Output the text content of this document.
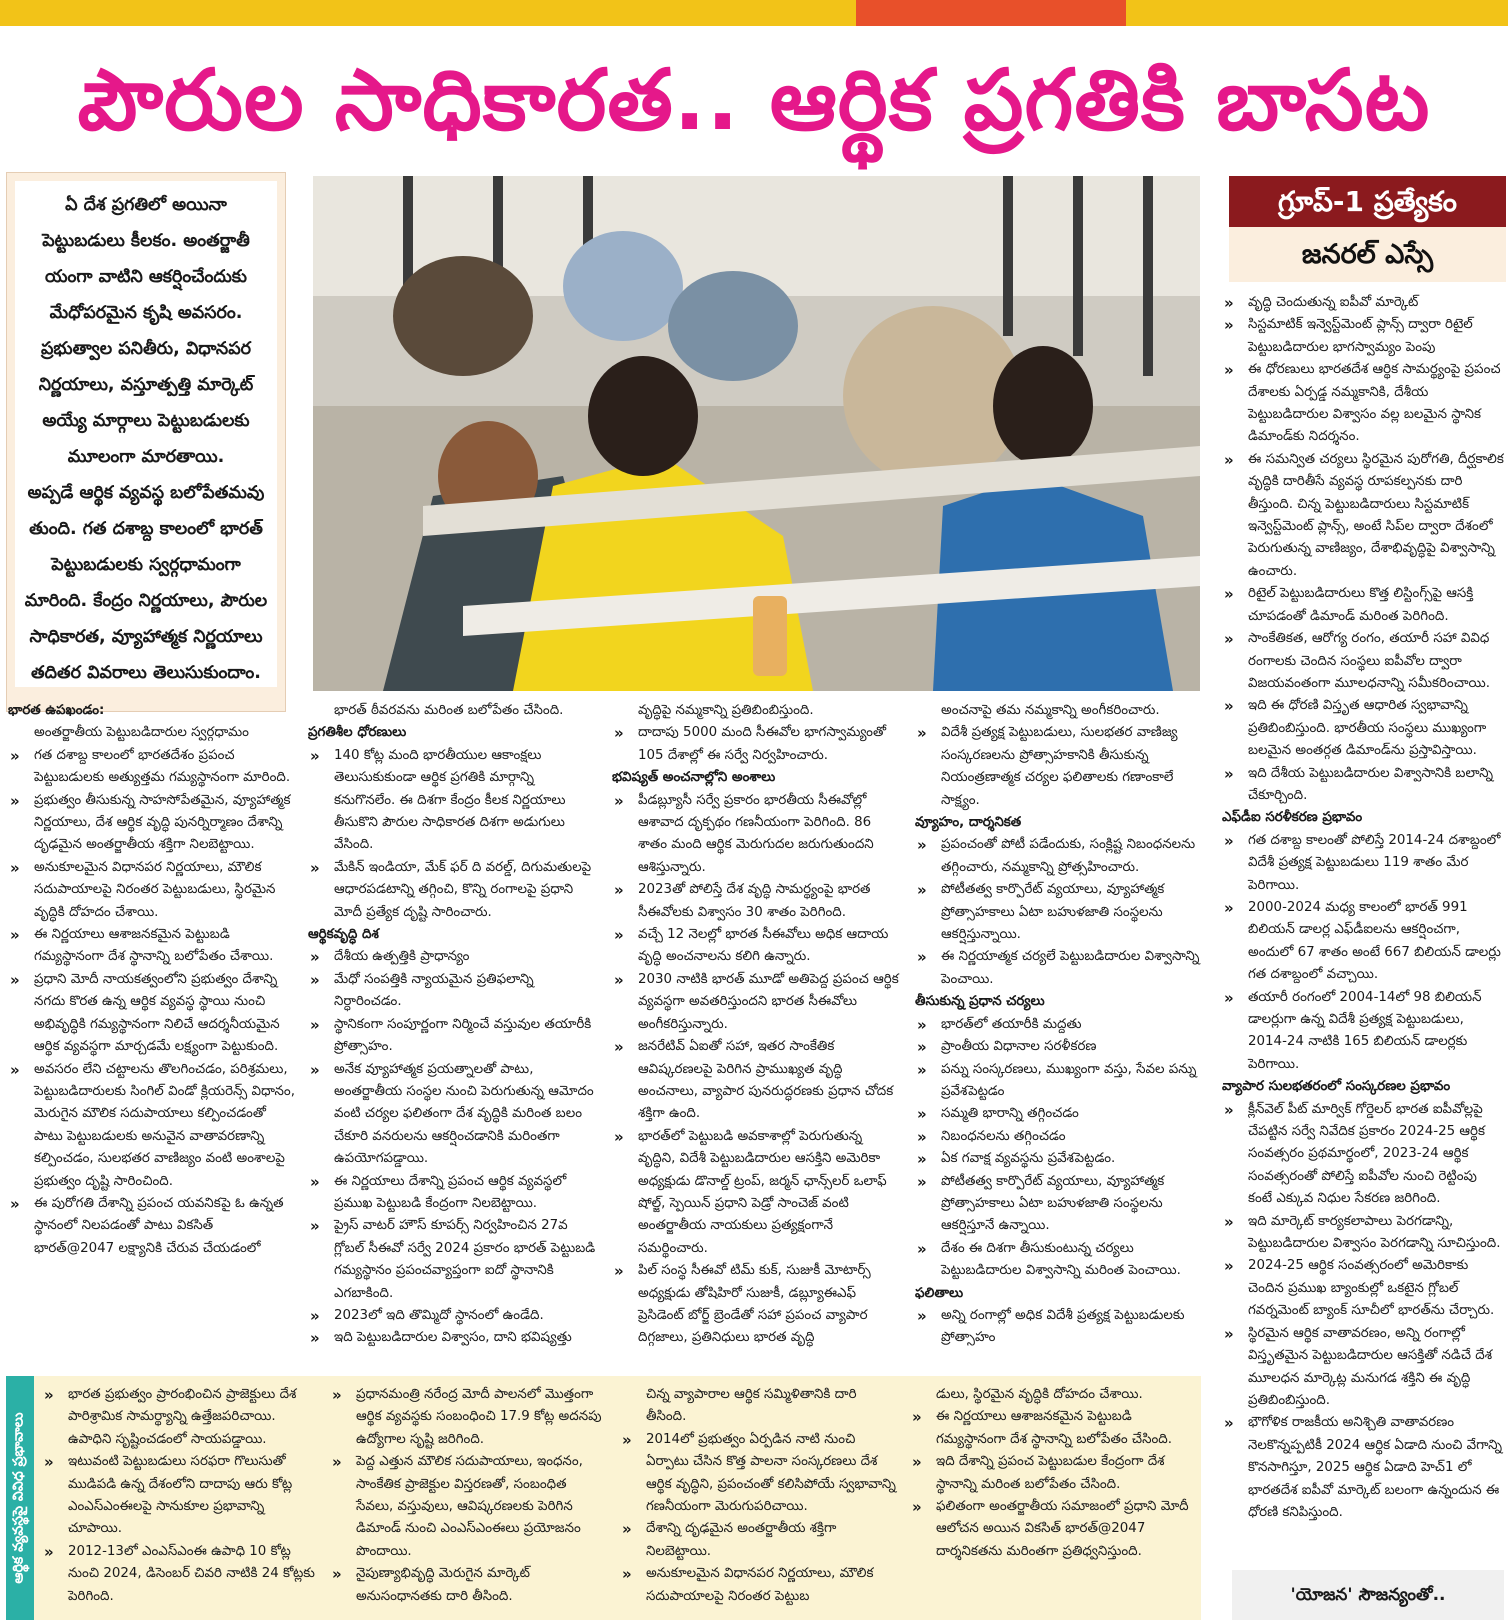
పౌరుల సాధికారత.. ఆర్థిక ప్రగతికి బాసట
ఏ దేశ ప్రగతిలో అయినా
పెట్టుబడులు కీలకం. అంతర్జాతీ
యంగా వాటిని ఆకర్షించేందుకు
మేధోపరమైన కృషి అవసరం.
ప్రభుత్వాల పనితీరు, విధానపర
నిర్ణయాలు, వస్తూత్పత్తి మార్కెట్
అయ్యే మార్గాలు పెట్టుబడులకు
మూలంగా మారతాయి.
అప్పడే ఆర్థిక వ్యవస్థ బలోపేతమవు
తుంది. గత దశాబ్ద కాలంలో భారత్
పెట్టుబడులకు స్వర్గధామంగా
మారింది. కేంద్రం నిర్ణయాలు, పౌరుల
సాధికారత, వ్యూహాత్మక నిర్ణయాలు
తదితర వివరాలు తెలుసుకుందాం.
భారత ఉపఖండం:
అంతర్జాతీయ పెట్టుబడిదారుల స్వర్గధామం
» గత దశాబ్ద కాలంలో భారతదేశం ప్రపంచ పెట్టుబడులకు అత్యుత్తమ గమ్యస్థానంగా మారింది.
» ప్రభుత్వం తీసుకున్న సాహసోపేతమైన, వ్యూహాత్మక నిర్ణయాలు, దేశ ఆర్థిక వృద్ధి పునర్నిర్మాణం దేశాన్ని దృఢమైన అంతర్జాతీయ శక్తిగా నిలబెట్టాయి.
» అనుకూలమైన విధానపర నిర్ణయాలు, మౌలిక సదుపాయాలపై నిరంతర పెట్టుబడులు, స్థిరమైన వృద్ధికి దోహదం చేశాయి.
» ఈ నిర్ణయాలు ఆశాజనకమైన పెట్టుబడి గమ్యస్థానంగా దేశ స్థానాన్ని బలోపేతం చేశాయి.
» ప్రధాని మోదీ నాయకత్వంలోని ప్రభుత్వం దేశాన్ని నగదు కొరత ఉన్న ఆర్థిక వ్యవస్థ స్థాయి నుంచి అభివృద్ధికి గమ్యస్థానంగా నిలిచే ఆదర్శనీయమైన ఆర్థిక వ్యవస్థగా మార్చడమే లక్ష్యంగా పెట్టుకుంది.
» అవసరం లేని చట్టాలను తొలగించడం, పరిశ్రమలు, పెట్టుబడిదారులకు సింగిల్ విండో క్లియరెన్స్ విధానం, మెరుగైన మౌలిక సదుపాయాలు కల్పించడంతో పాటు పెట్టుబడులకు అనువైన వాతావరణాన్ని కల్పించడం, సులభతర వాణిజ్యం వంటి అంశాలపై ప్రభుత్వం దృష్టి సారించింది.
» ఈ పురోగతి దేశాన్ని ప్రపంచ యవనికపై ఓ ఉన్నత స్థానంలో నిలపడంతో పాటు వికసిత్ భారత్@2047 లక్ష్యానికి చేరువ చేయడంలో
భారత్ ఠీవరవను మరింత బలోపేతం చేసింది.
ప్రగతిశీల ధోరణులు
» 140 కోట్ల మంది భారతీయుల ఆకాంక్షలు తెలుసుకుకుండా ఆర్థిక ప్రగతికి మార్గాన్ని కనుగొనలేం. ఈ దిశగా కేంద్రం కీలక నిర్ణయాలు తీసుకొని పౌరుల సాధికారత దిశగా అడుగులు వేసింది.
» మేకిన్ ఇండియా, మేక్ ఫర్ ది వరల్డ్, దిగుమతులపై ఆధారపడటాన్ని తగ్గించి, కొన్ని రంగాలపై ప్రధాని మోదీ ప్రత్యేక దృష్టి సారించారు.
ఆర్థికవృద్ధి దిశ
» దేశీయ ఉత్పత్తికి ప్రాధాన్యం
» మేధో సంపత్తికి న్యాయమైన ప్రతిఫలాన్ని నిర్ధారించడం.
» స్థానికంగా సంపూర్ణంగా నిర్మించే వస్తువుల తయారీకి ప్రోత్సాహం.
» అనేక వ్యూహాత్మక ప్రయత్నాలతో పాటు, అంతర్జాతీయ సంస్థల నుంచి పెరుగుతున్న ఆమోదం వంటి చర్యల ఫలితంగా దేశ వృద్ధికి మరింత బలం చేకూరి వనరులను ఆకర్షించడానికి మరింతగా ఉపయోగపడ్డాయి.
» ఈ నిర్ణయాలు దేశాన్ని ప్రపంచ ఆర్థిక వ్యవస్థలో ప్రముఖ పెట్టుబడి కేంద్రంగా నిలబెట్టాయి.
» ప్రైస్ వాటర్ హౌస్ కూపర్స్ నిర్వహించిన 27వ గ్లోబల్ సీఈవో సర్వే 2024 ప్రకారం భారత్ పెట్టుబడి గమ్యస్థానం ప్రపంచవ్యాప్తంగా ఐదో స్థానానికి ఎగబాకింది.
» 2023లో ఇది తొమ్మిదో స్థానంలో ఉండేది.
» ఇది పెట్టుబడిదారుల విశ్వాసం, దాని భవిష్యత్తు
వృద్ధిపై నమ్మకాన్ని ప్రతిబింబిస్తుంది.
» దాదాపు 5000 మంది సీఈవోల భాగస్వామ్యంతో 105 దేశాల్లో ఈ సర్వే నిర్వహించారు.
భవిష్యత్ అంచనాల్లోని అంశాలు
» పీడబ్ల్యూసీ సర్వే ప్రకారం భారతీయ సీఈవోల్లో ఆశావాద దృక్పథం గణనీయంగా పెరిగింది. 86 శాతం మంది ఆర్థిక మెరుగుదల జరుగుతుందని ఆశిస్తున్నారు.
» 2023తో పోలిస్తే దేశ వృద్ధి సామర్థ్యంపై భారత సీఈవోలకు విశ్వాసం 30 శాతం పెరిగింది.
» వచ్చే 12 నెలల్లో భారత సీఈవోలు అధిక ఆదాయ వృద్ధి అంచనాలను కలిగి ఉన్నారు.
» 2030 నాటికి భారత్ మూడో అతిపెద్ద ప్రపంచ ఆర్థిక వ్యవస్థగా అవతరిస్తుందని భారత సీఈవోలు అంగీకరిస్తున్నారు.
» జనరేటివ్ ఏఐతో సహా, ఇతర సాంకేతిక ఆవిష్కరణలపై పెరిగిన ప్రాముఖ్యత వృద్ధి అంచనాలు, వ్యాపార పునరుద్ధరణకు ప్రధాన చోదక శక్తిగా ఉంది.
» భారత్‌లో పెట్టుబడి అవకాశాల్లో పెరుగుతున్న వృద్ధిని, విదేశీ పెట్టుబడిదారుల ఆసక్తిని అమెరికా అధ్యక్షుడు డొనాల్డ్ ట్రంప్, జర్మన్ ఛాన్స్‌లర్ ఒలాఫ్ షోల్జ్, స్పెయిన్ ప్రధాని పెడ్రో సాంచెజ్ వంటి అంతర్జాతీయ నాయకులు ప్రత్యక్షంగానే సమర్థించారు.
» పిల్ సంస్థ సీఈవో టిమ్ కుక్, సుజుకీ మోటార్స్ అధ్యక్షుడు తోషిహిరో సుజుకీ, డబ్ల్యూఈఎఫ్ ప్రెసిడెంట్ బోర్జ్ బ్రెండేతో సహా ప్రపంచ వ్యాపార దిగ్గజాలు, ప్రతినిధులు భారత వృద్ధి
అంచనాపై తమ నమ్మకాన్ని అంగీకరించారు.
» విదేశీ ప్రత్యక్ష పెట్టుబడులు, సులభతర వాణిజ్య సంస్కరణలను ప్రోత్సాహకానికి తీసుకున్న నియంత్రణాత్మక చర్యల ఫలితాలకు గణాంకాలే సాక్ష్యం.
వ్యూహం, దార్శనికత
» ప్రపంచంతో పోటీ పడేందుకు, సంక్లిష్ట నిబంధనలను తగ్గించారు, నమ్మకాన్ని ప్రోత్సహించారు.
» పోటీతత్వ కార్పొరేట్ వ్యయాలు, వ్యూహాత్మక ప్రోత్సాహకాలు ఏటా బహుళజాతి సంస్థలను ఆకర్షిస్తున్నాయి.
» ఈ నిర్ణయాత్మక చర్యలే పెట్టుబడిదారుల విశ్వాసాన్ని పెంచాయి.
తీసుకున్న ప్రధాన చర్యలు
» భారత్‌లో తయారీకి మద్దతు
» ప్రాంతీయ విధానాల సరళీకరణ
» పన్ను సంస్కరణలు, ముఖ్యంగా వస్తు, సేవల పన్ను ప్రవేశపెట్టడం
» సమ్మతి భారాన్ని తగ్గించడం
» నిబంధనలను తగ్గించడం
» ఏక గవాక్ష వ్యవస్థను ప్రవేశపెట్టడం.
» పోటీతత్వ కార్పొరేట్ వ్యయాలు, వ్యూహాత్మక ప్రోత్సాహకాలు ఏటా బహుళజాతి సంస్థలను ఆకర్షిస్తూనే ఉన్నాయి.
» దేశం ఈ దిశగా తీసుకుంటున్న చర్యలు పెట్టుబడిదారుల విశ్వాసాన్ని మరింత పెంచాయి.
ఫలితాలు
» అన్ని రంగాల్లో అధిక విదేశీ ప్రత్యక్ష పెట్టుబడులకు ప్రోత్సాహం
గ్రూప్-1 ప్రత్యేకం
జనరల్ ఎస్సే
» వృద్ధి చెందుతున్న ఐపీవో మార్కెట్
» సిస్టమాటిక్ ఇన్వెస్ట్‌మెంట్ ప్లాన్స్ ద్వారా రిటైల్ పెట్టుబడిదారుల భాగస్వామ్యం పెంపు
» ఈ ధోరణులు భారతదేశ ఆర్థిక సామర్థ్యంపై ప్రపంచ దేశాలకు ఏర్పడ్డ నమ్మకానికి, దేశీయ పెట్టుబడిదారుల విశ్వాసం వల్ల బలమైన స్థానిక డిమాండ్‌కు నిదర్శనం.
» ఈ సమన్విత చర్యలు స్థిరమైన పురోగతి, దీర్ఘకాలిక వృద్ధికి దారితీసే వ్యవస్థ రూపకల్పనకు దారి తీస్తుంది. చిన్న పెట్టుబడిదారులు సిస్టమాటిక్ ఇన్వెస్ట్‌మెంట్ ప్లాన్స్, అంటే సిప్‌ల ద్వారా దేశంలో పెరుగుతున్న వాణిజ్యం, దేశాభివృద్ధిపై విశ్వాసాన్ని ఉంచారు.
» రిటైల్ పెట్టుబడిదారులు కొత్త లిస్టింగ్స్‌పై ఆసక్తి చూపడంతో డిమాండ్ మరింత పెరిగింది.
» సాంకేతికత, ఆరోగ్య రంగం, తయారీ సహా వివిధ రంగాలకు చెందిన సంస్థలు ఐపీవోల ద్వారా విజయవంతంగా మూలధనాన్ని సమీకరించాయి.
» ఇది ఈ ధోరణి విస్తృత ఆధారిత స్వభావాన్ని ప్రతిబింబిస్తుంది. భారతీయ సంస్థలు ముఖ్యంగా బలమైన అంతర్గత డిమాండ్‌ను ప్రస్తావిస్తాయి.
» ఇది దేశీయ పెట్టుబడిదారుల విశ్వాసానికి బలాన్ని చేకూర్చింది.
ఎఫ్‌డీఐ సరళీకరణ ప్రభావం
» గత దశాబ్ద కాలంతో పోలిస్తే 2014-24 దశాబ్దంలో విదేశీ ప్రత్యక్ష పెట్టుబడులు 119 శాతం మేర పెరిగాయి.
» 2000-2024 మధ్య కాలంలో భారత్ 991 బిలియన్ డాలర్ల ఎఫ్‌డీఐలను ఆకర్షించగా, అందులో 67 శాతం అంటే 667 బిలియన్ డాలర్లు గత దశాబ్దంలో వచ్చాయి.
» తయారీ రంగంలో 2004-14లో 98 బిలియన్ డాలర్లుగా ఉన్న విదేశీ ప్రత్యక్ష పెట్టుబడులు, 2014-24 నాటికి 165 బిలియన్ డాలర్లకు పెరిగాయి.
వ్యాపార సులభతరంలో సంస్కరణల ప్రభావం
» క్లీన్‌వెల్ పీట్ మార్విక్ గోర్డెలర్ భారత ఐపీవోల్లపై చేపట్టిన సర్వే నివేదిక ప్రకారం 2024-25 ఆర్థిక సంవత్సరం ప్రథమార్థంలో, 2023-24 ఆర్థిక సంవత్సరంతో పోలిస్తే ఐపీవోల నుంచి రెట్టింపు కంటే ఎక్కువ నిధుల సేకరణ జరిగింది.
» ఇది మార్కెట్ కార్యకలాపాలు పెరగడాన్ని, పెట్టుబడిదారుల విశ్వాసం పెరగడాన్ని సూచిస్తుంది.
» 2024-25 ఆర్థిక సంవత్సరంలో అమెరికాకు చెందిన ప్రముఖ బ్యాంకుల్లో ఒకటైన గ్లోబల్ గవర్నమెంట్ బ్యాంక్ సూచీలో భారత్‌ను చేర్చారు.
» స్థిరమైన ఆర్థిక వాతావరణం, అన్ని రంగాల్లో విస్తృతమైన పెట్టుబడిదారుల ఆసక్తితో నడిచే దేశ మూలధన మార్కెట్ల మనుగడ శక్తిని ఈ వృద్ధి ప్రతిబింబిస్తుంది.
» భౌగోళిక రాజకీయ అనిశ్చితి వాతావరణం నెలకొన్నప్పటికీ 2024 ఆర్థిక ఏడాది నుంచి వేగాన్ని కొనసాగిస్తూ, 2025 ఆర్థిక ఏడాది హెచ్1 లో భారతదేశ ఐపీవో మార్కెట్ బలంగా ఉన్నందున ఈ ధోరణి కనిపిస్తుంది.
ఆర్థిక వ్యవస్థపై వివిధ ప్రభావాలు
» భారత ప్రభుత్వం ప్రారంభించిన ప్రాజెక్టులు దేశ పారిశ్రామిక సామర్థ్యాన్ని ఉత్తేజపరిచాయి. ఉపాధిని సృష్టించడంలో సాయపడ్డాయి.
» ఇటువంటి పెట్టుబడులు సరఫరా గొలుసుతో ముడిపడి ఉన్న దేశంలోని దాదాపు ఆరు కోట్ల ఎంఎస్ఎంఈలపై సానుకూల ప్రభావాన్ని చూపాయి.
» 2012-13లో ఎంఎస్ఎంఈ ఉపాధి 10 కోట్ల నుంచి 2024, డిసెంబర్ చివరి నాటికి 24 కోట్లకు పెరిగింది.
» ప్రధానమంత్రి నరేంద్ర మోదీ పాలనలో మొత్తంగా ఆర్థిక వ్యవస్థకు సంబంధించి 17.9 కోట్ల అదనపు ఉద్యోగాల సృష్టి జరిగింది.
» పెద్ద ఎత్తున మౌలిక సదుపాయాలు, ఇంధనం, సాంకేతిక ప్రాజెక్టుల విస్తరణతో, సంబంధిత సేవలు, వస్తువులు, ఆవిష్కరణలకు పెరిగిన డిమాండ్ నుంచి ఎంఎస్ఎంఈలు ప్రయోజనం పొందాయి.
» నైపుణ్యాభివృద్ధి మెరుగైన మార్కెట్ అనుసంధానతకు దారి తీసింది.
చిన్న వ్యాపారాల ఆర్థిక సమ్మిళితానికి దారి తీసింది.
» 2014లో ప్రభుత్వం ఏర్పడిన నాటి నుంచి ఏర్పాటు చేసిన కొత్త పాలనా సంస్కరణలు దేశ ఆర్థిక వృద్ధిని, ప్రపంచంతో కలిసిపోయే స్వభావాన్ని గణనీయంగా మెరుగుపరిచాయి.
» దేశాన్ని దృఢమైన అంతర్జాతీయ శక్తిగా నిలబెట్టాయి.
» అనుకూలమైన విధానపర నిర్ణయాలు, మౌలిక సదుపాయాలపై నిరంతర పెట్టుబ
డులు, స్థిరమైన వృద్ధికి దోహదం చేశాయి.
» ఈ నిర్ణయాలు ఆశాజనకమైన పెట్టుబడి గమ్యస్థానంగా దేశ స్థానాన్ని బలోపేతం చేసింది.
» ఇది దేశాన్ని ప్రపంచ పెట్టుబడుల కేంద్రంగా దేశ స్థానాన్ని మరింత బలోపేతం చేసింది.
» ఫలితంగా అంతర్జాతీయ సమాజంలో ప్రధాని మోదీ ఆలోచన అయిన వికసిత్ భారత్@2047 దార్శనికతను మరింతగా ప్రతిధ్వనిస్తుంది.
'యోజన' సౌజన్యంతో..
